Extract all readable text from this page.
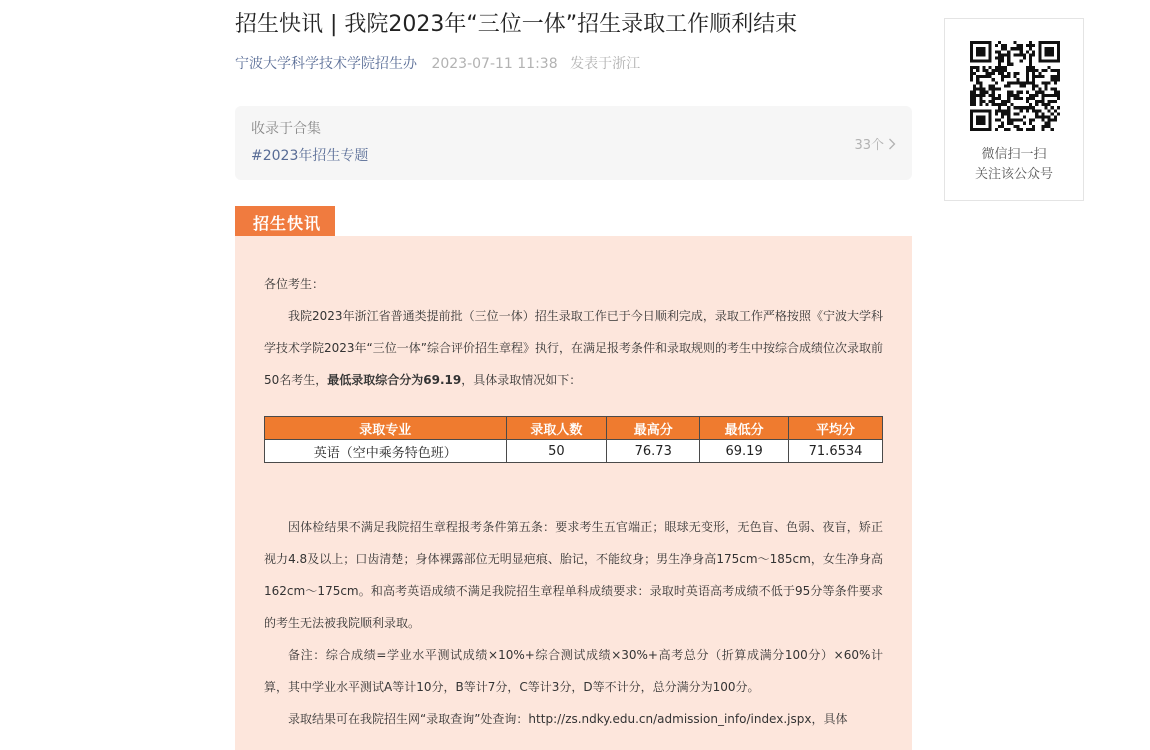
招生快讯 | 我院2023年“三位一体”招生录取工作顺利结束
宁波大学科学技术学院招生办 2023-07-11 11:38 发表于浙江
收录于合集
#2023年招生专题
33个
招生快讯

各位考生：

我院2023年浙江省普通类提前批（三位一体）招生录取工作已于今日顺利完成，录取工作严格按照《宁波大学科学技术学院2023年“三位一体”综合评价招生章程》执行，在满足报考条件和录取规则的考生中按综合成绩位次录取前50名考生，最低录取综合分为69.19，具体录取情况如下：

录取专业	录取人数	最高分	最低分	平均分
英语（空中乘务特色班）	50	76.73	69.19	71.6534

因体检结果不满足我院招生章程报考条件第五条：要求考生五官端正；眼球无变形，无色盲、色弱、夜盲，矫正视力4.8及以上；口齿清楚；身体裸露部位无明显疤痕、胎记，不能纹身；男生净身高175cm～185cm，女生净身高162cm～175cm。和高考英语成绩不满足我院招生章程单科成绩要求：录取时英语高考成绩不低于95分等条件要求的考生无法被我院顺利录取。

备注：综合成绩=学业水平测试成绩×10%+综合测试成绩×30%+高考总分（折算成满分100分）×60%计算，其中学业水平测试A等计10分，B等计7分，C等计3分，D等不计分，总分满分为100分。

录取结果可在我院招生网“录取查询”处查询：http://zs.ndky.edu.cn/admission_info/index.jspx，具体

微信扫一扫
关注该公众号
